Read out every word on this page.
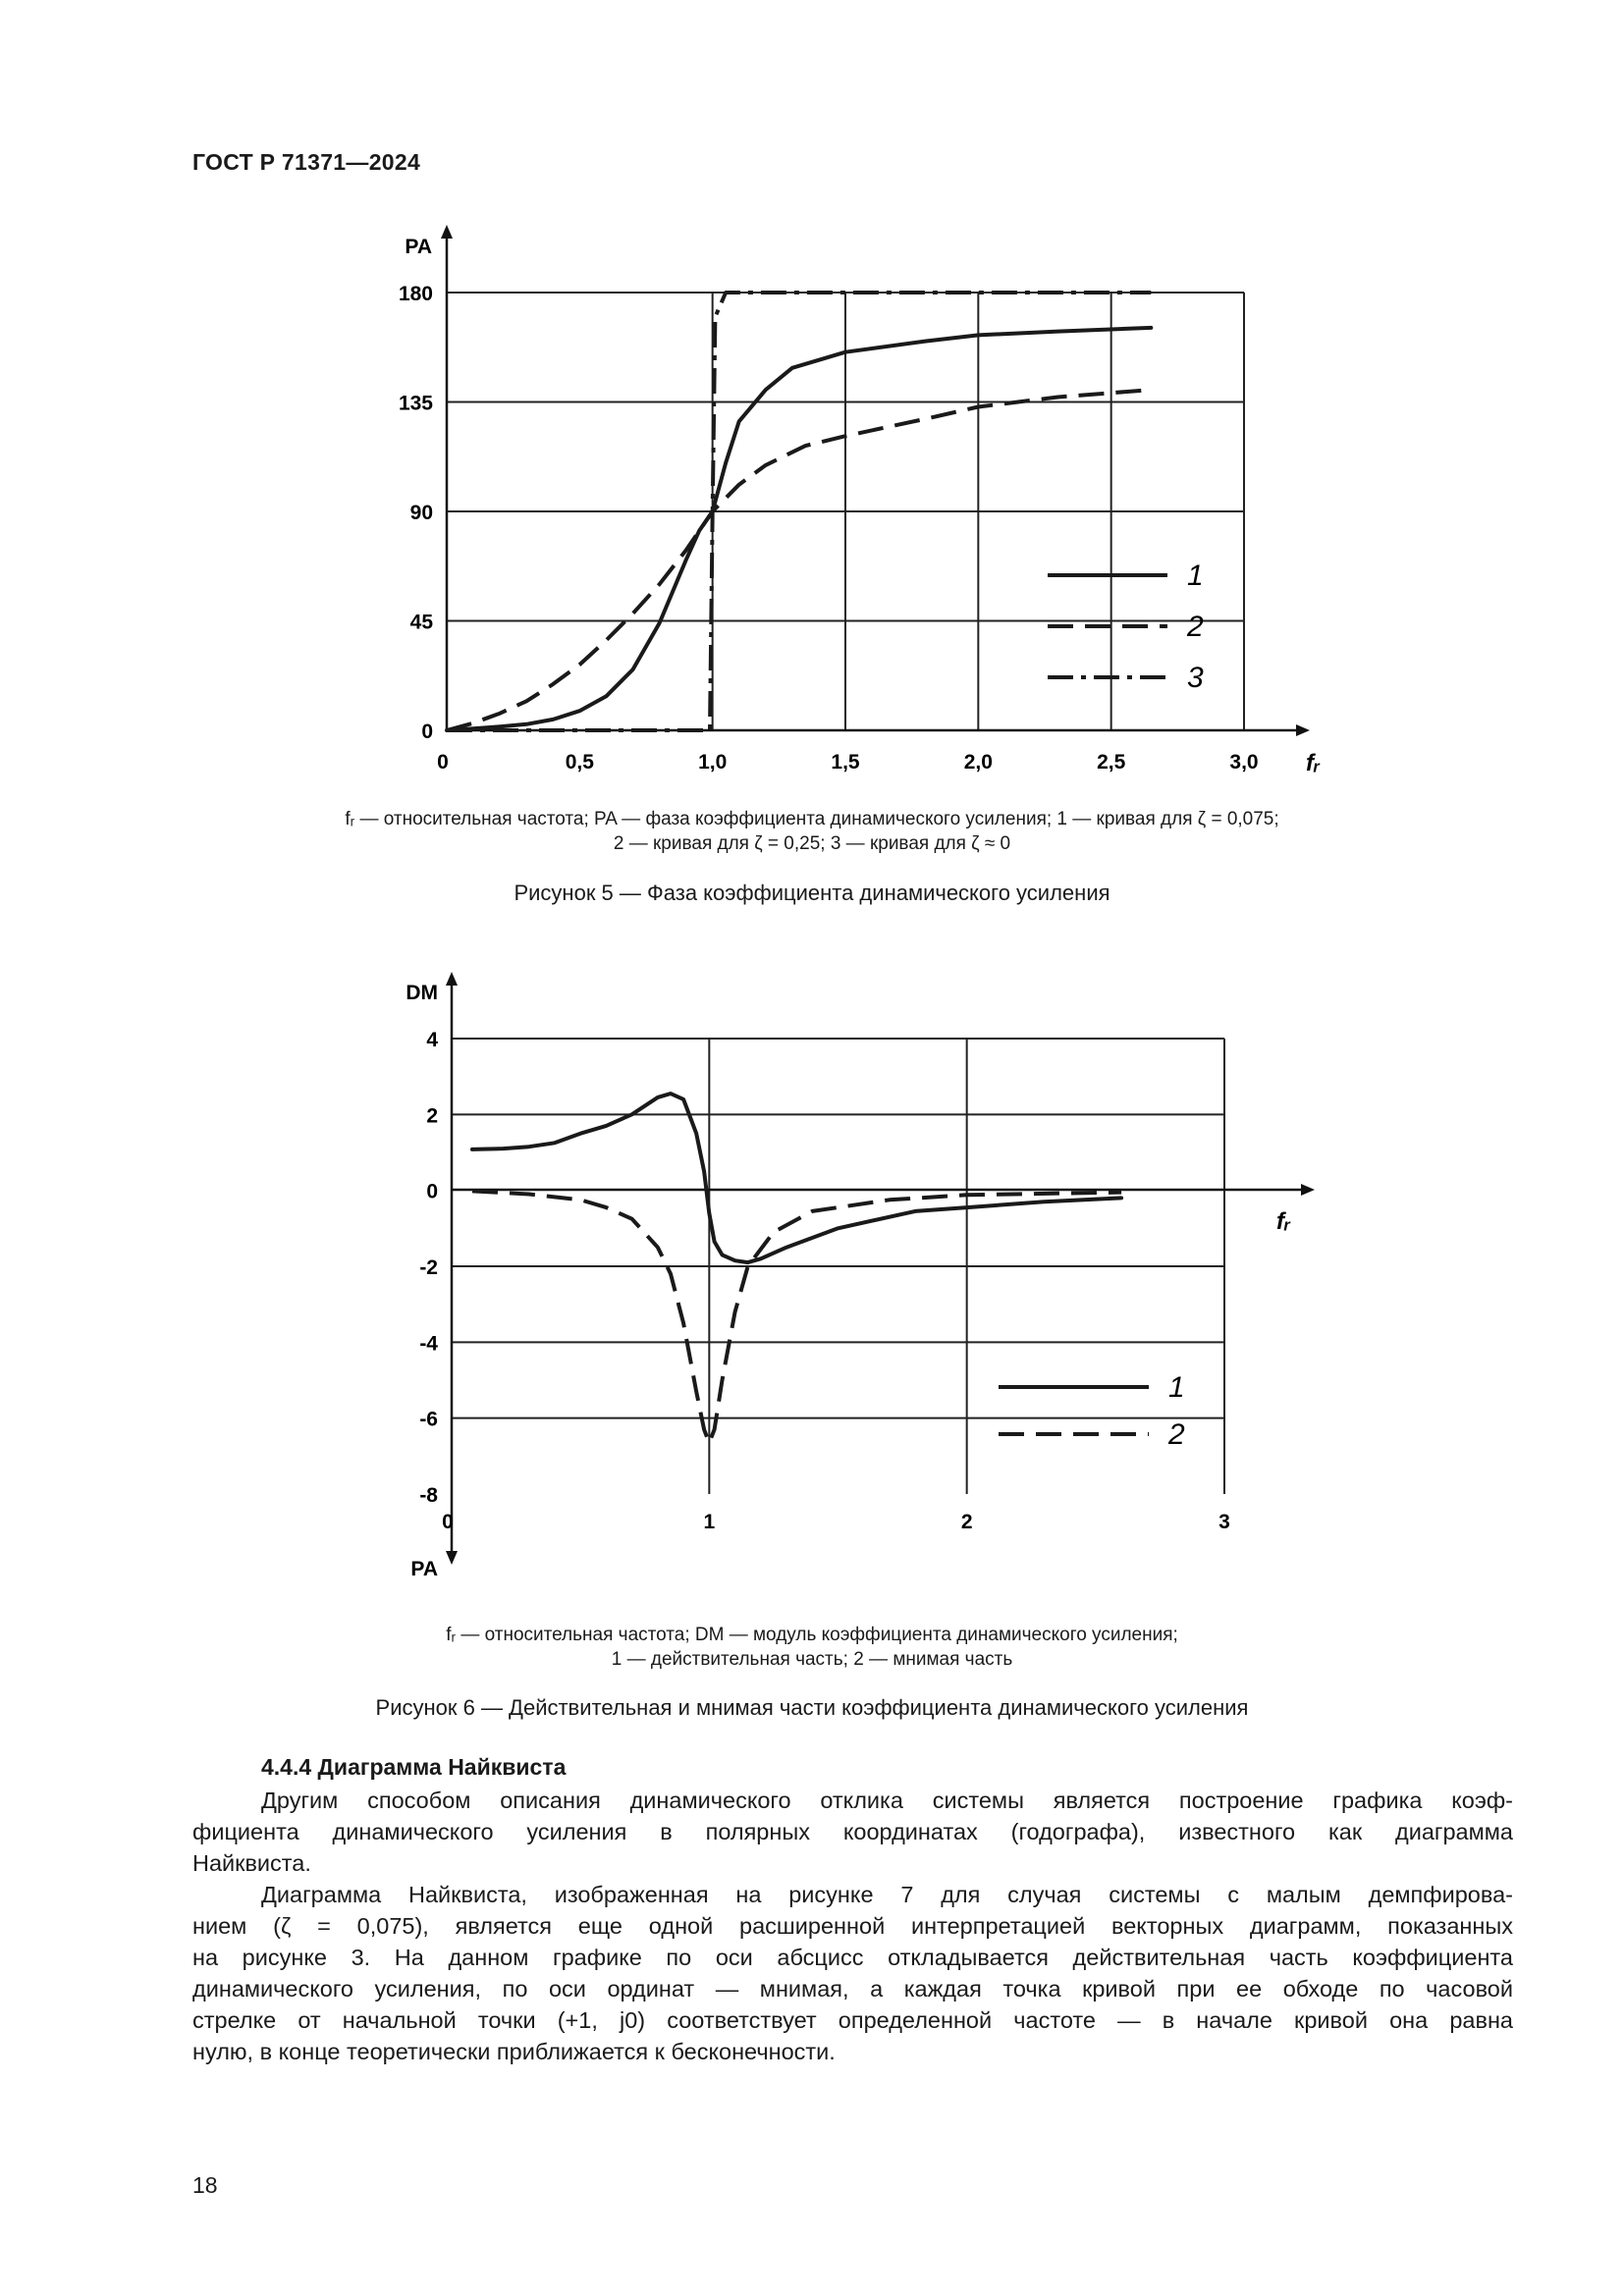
ГОСТ Р 71371—2024
0	0,5	1,0	1,5	2,0	2,5	3,0
0
45
90
135
180
PA
fᵣ
1
2
3
fᵣ — относительная частота; PA — фаза коэффициента динамического усиления; 1 — кривая для ζ = 0,075;
2 — кривая для ζ = 0,25; 3 — кривая для ζ ≈ 0
Рисунок 5 — Фаза коэффициента динамического усиления
0	1	2	3
4
2
0
-2
-4
-6
-8
DM
PA
fᵣ
1
2
fᵣ — относительная частота; DM — модуль коэффициента динамического усиления;
1 — действительная часть; 2 — мнимая часть
Рисунок 6 — Действительная и мнимая части коэффициента динамического усиления
4.4.4 Диаграмма Найквиста
Другим способом описания динамического отклика системы является построение графика коэф-
фициента динамического усиления в полярных координатах (годографа), известного как диаграмма
Найквиста.
Диаграмма Найквиста, изображенная на рисунке 7 для случая системы с малым демпфирова-
нием (ζ = 0,075), является еще одной расширенной интерпретацией векторных диаграмм, показанных
на рисунке 3. На данном графике по оси абсцисс откладывается действительная часть коэффициента
динамического усиления, по оси ординат — мнимая, а каждая точка кривой при ее обходе по часовой
стрелке от начальной точки (+1, j0) соответствует определенной частоте — в начале кривой она равна
нулю, в конце теоретически приближается к бесконечности.
18
